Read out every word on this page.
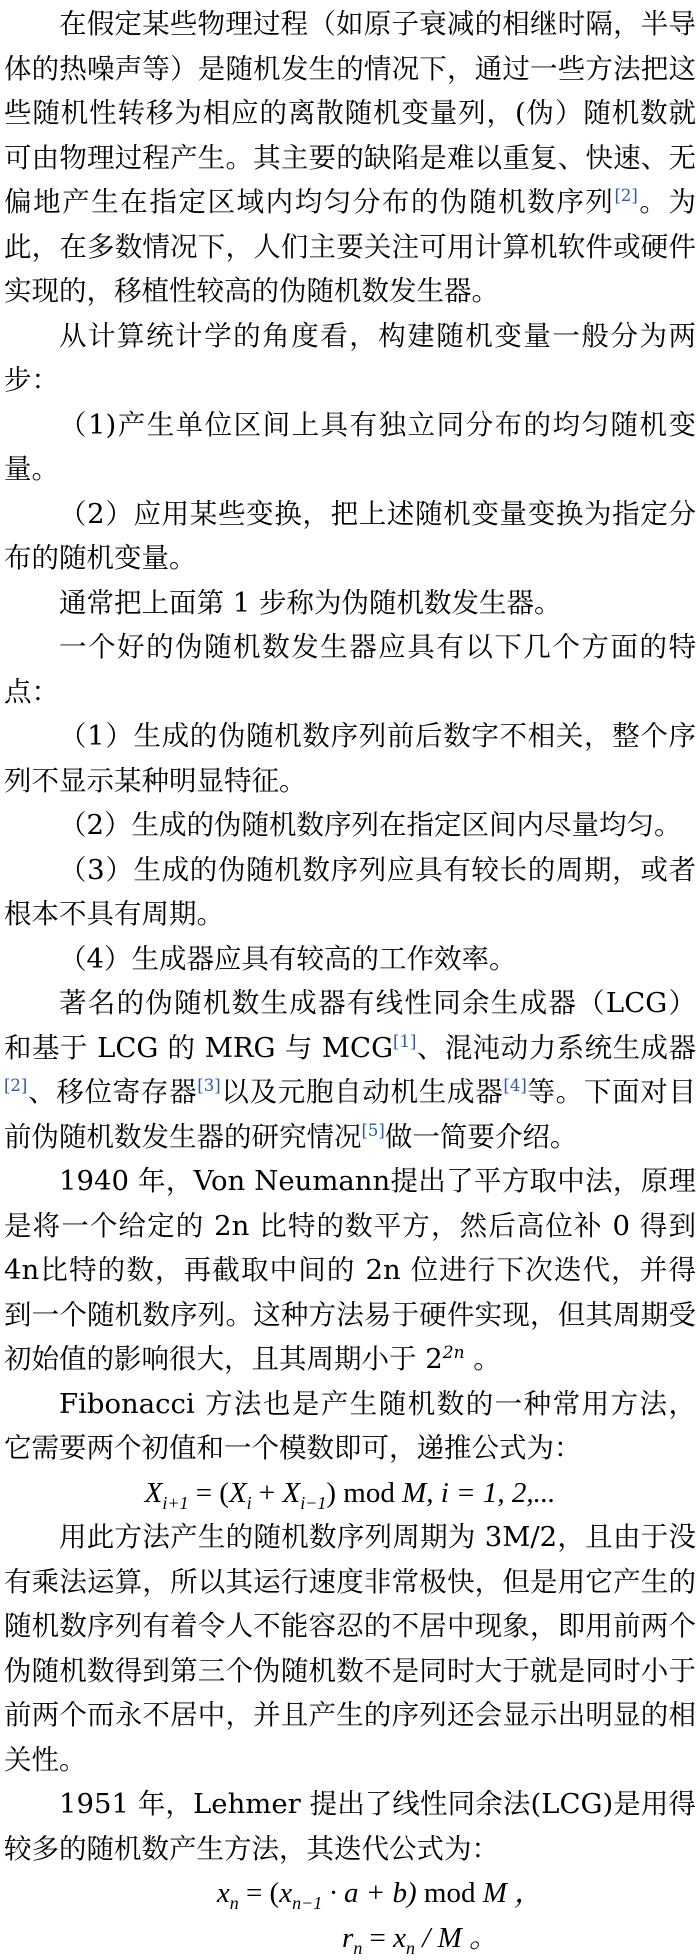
在假定某些物理过程（如原子衰减的相继时隔，半导体的热噪声等）是随机发生的情况下，通过一些方法把这些随机性转移为相应的离散随机变量列，(伪）随机数就可由物理过程产生。其主要的缺陷是难以重复、快速、无偏地产生在指定区域内均匀分布的伪随机数序列[2]。为此，在多数情况下，人们主要关注可用计算机软件或硬件实现的，移植性较高的伪随机数发生器。

从计算统计学的角度看，构建随机变量一般分为两步：

（1)产生单位区间上具有独立同分布的均匀随机变量。

（2）应用某些变换，把上述随机变量变换为指定分布的随机变量。

通常把上面第 1 步称为伪随机数发生器。

一个好的伪随机数发生器应具有以下几个方面的特点：

（1）生成的伪随机数序列前后数字不相关，整个序列不显示某种明显特征。

（2）生成的伪随机数序列在指定区间内尽量均匀。

（3）生成的伪随机数序列应具有较长的周期，或者根本不具有周期。

（4）生成器应具有较高的工作效率。

著名的伪随机数生成器有线性同余生成器（LCG）和基于 LCG 的 MRG 与 MCG[1]、混沌动力系统生成器[2]、移位寄存器[3]以及元胞自动机生成器[4]等。下面对目前伪随机数发生器的研究情况[5]做一简要介绍。

1940 年，Von Neumann提出了平方取中法，原理是将一个给定的 2n 比特的数平方，然后高位补 0 得到 4n比特的数，再截取中间的 2n 位进行下次迭代，并得到一个随机数序列。这种方法易于硬件实现，但其周期受初始值的影响很大，且其周期小于 $2^{2n}$ 。

Fibonacci 方法也是产生随机数的一种常用方法，它需要两个初值和一个模数即可，递推公式为：

$X_{i+1} = (X_i + X_{i-1})$ mod M, i = 1, 2,...

用此方法产生的随机数序列周期为 3M/2，且由于没有乘法运算，所以其运行速度非常极快，但是用它产生的随机数序列有着令人不能容忍的不居中现象，即用前两个伪随机数得到第三个伪随机数不是同时大于就是同时小于前两个而永不居中，并且产生的序列还会显示出明显的相关性。

1951 年，Lehmer 提出了线性同余法(LCG)是用得较多的随机数产生方法，其迭代公式为：

$x_n = (x_{n-1} \cdot a + b)$ mod M ，

$r_n = x_n / M$ 。
